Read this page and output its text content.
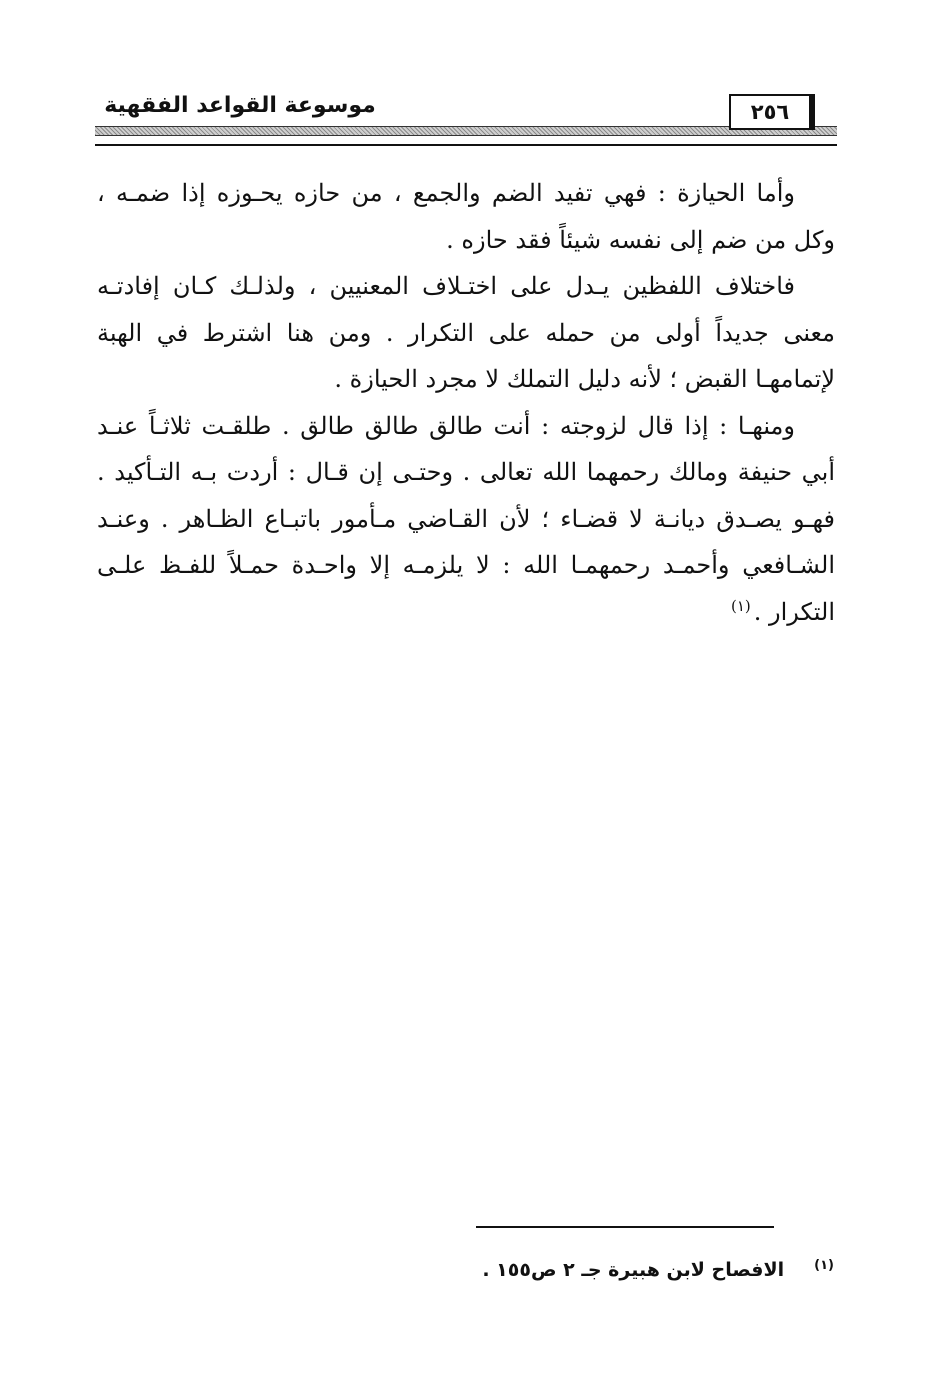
٢٥٦
موسوعة القواعد الفقهية

وأما الحيازة : فهي تفيد الضم والجمع ، من حازه يحـوزه إذا ضمـه ، وكل من ضم إلى نفسه شيئاً فقد حازه .

فاختلاف اللفظين يـدل على اختـلاف المعنيين ، ولذلـك كـان إفادتـه معنى جديداً أولى من حمله على التكرار . ومن هنا اشترط في الهبة لإتمامهـا القبض ؛ لأنه دليل التملك لا مجرد الحيازة .

ومنهـا : إذا قال لزوجته : أنت طالق طالق طالق . طلقـت ثلاثـاً عنـد أبي حنيفة ومالك رحمهما الله تعالى . وحتـى إن قـال : أردت بـه التـأكيد . فهـو يصـدق ديانـة لا قضـاء ؛ لأن القـاضي مـأمور باتبـاع الظـاهر . وعنـد الشـافعي وأحمـد رحمهمـا الله : لا يلزمـه إلا واحـدة حمـلاً للفـظ علـى التكرار .$^{(١)}$

(١)الافصاح لابن هبيرة جـ ٢ ص١٥٥ .
